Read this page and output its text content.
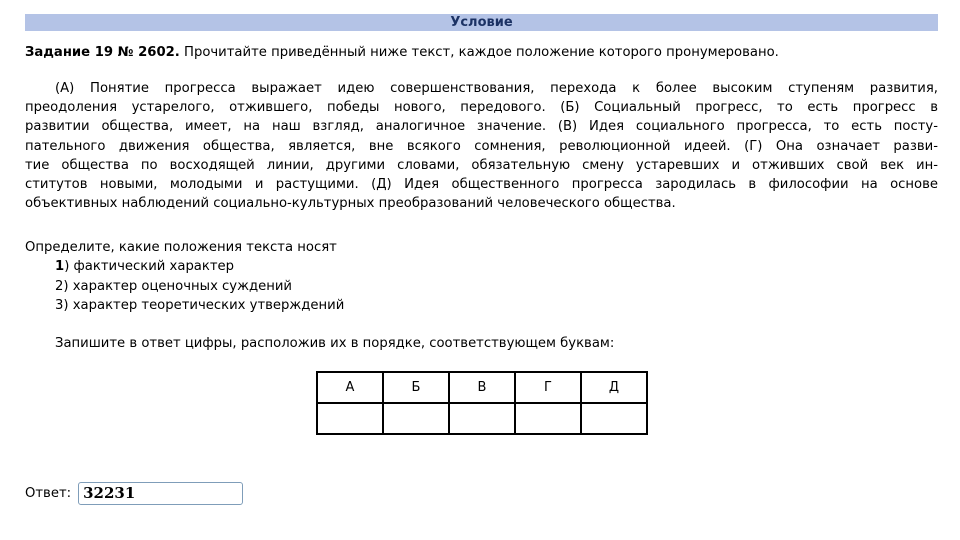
Условие
Задание 19 № 2602. Прочитайте приведённый ниже текст, каждое положение которого пронумеровано.
(А) Понятие прогресса выражает идею совершенствования, перехода к более высоким ступеням развития,
преодоления устарелого, отжившего, победы нового, передового. (Б) Социальный прогресс, то есть прогресс в
развитии общества, имеет, на наш взгляд, аналогичное значение. (В) Идея социального прогресса, то есть посту-
пательного движения общества, является, вне всякого сомнения, революционной идеей. (Г) Она означает разви-
тие общества по восходящей линии, другими словами, обязательную смену устаревших и отживших свой век ин-
ститутов новыми, молодыми и растущими. (Д) Идея общественного прогресса зародилась в философии на основе
объективных наблюдений социально-культурных преобразований человеческого общества.
Определите, какие положения текста носят
1) фактический характер
2) характер оценочных суждений
3) характер теоретических утверждений
Запишите в ответ цифры, расположив их в порядке, соответствующем буквам:
А	Б	В	Г	Д

Ответ:
32231
